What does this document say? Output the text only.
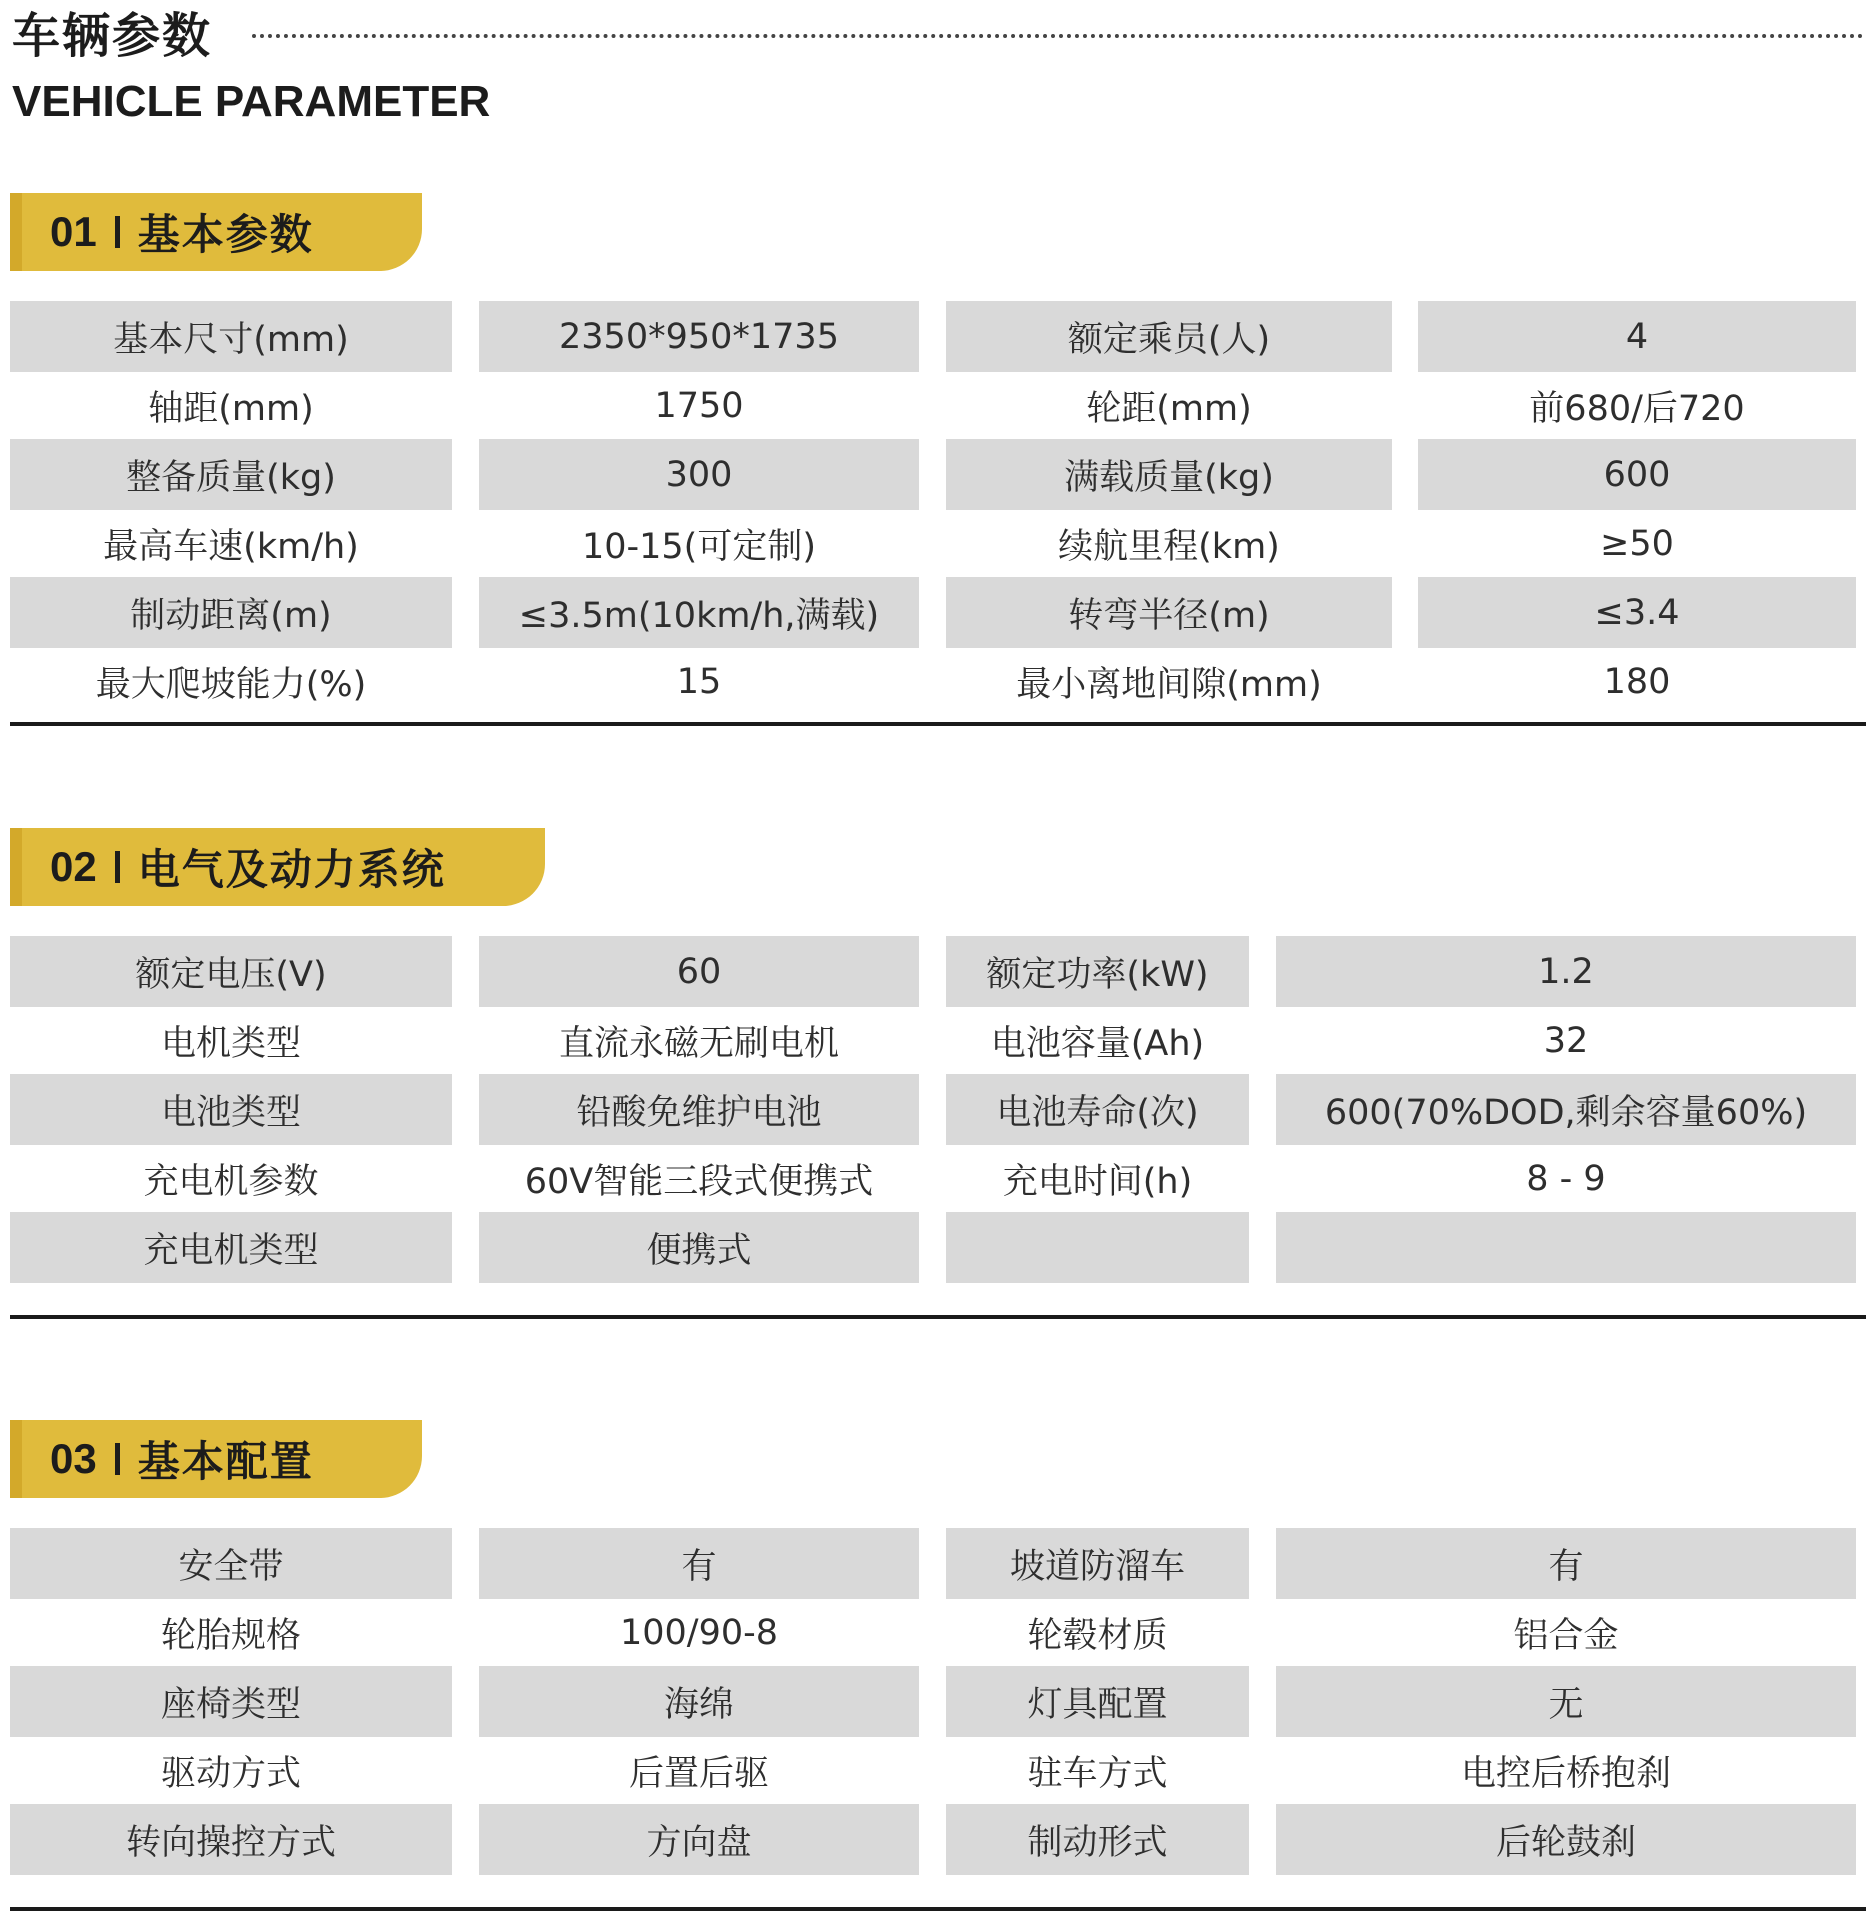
车辆参数
VEHICLE PARAMETER
01 基本参数
基本尺寸(mm)	2350*950*1735	额定乘员(人)	4
轴距(mm)	1750	轮距(mm)	前680/后720
整备质量(kg)	300	满载质量(kg)	600
最高车速(km/h)	10-15(可定制)	续航里程(km)	≥50
制动距离(m)	≤3.5m(10km/h,满载)	转弯半径(m)	≤3.4
最大爬坡能力(%)	15	最小离地间隙(mm)	180
02 电气及动力系统
额定电压(V)	60	额定功率(kW)	1.2
电机类型	直流永磁无刷电机	电池容量(Ah)	32
电池类型	铅酸免维护电池	电池寿命(次)	600(70%DOD,剩余容量60%)
充电机参数	60V智能三段式便携式	充电时间(h)	8 - 9
充电机类型	便携式
03 基本配置
安全带	有	坡道防溜车	有
轮胎规格	100/90-8	轮毂材质	铝合金
座椅类型	海绵	灯具配置	无
驱动方式	后置后驱	驻车方式	电控后桥抱刹
转向操控方式	方向盘	制动形式	后轮鼓刹
